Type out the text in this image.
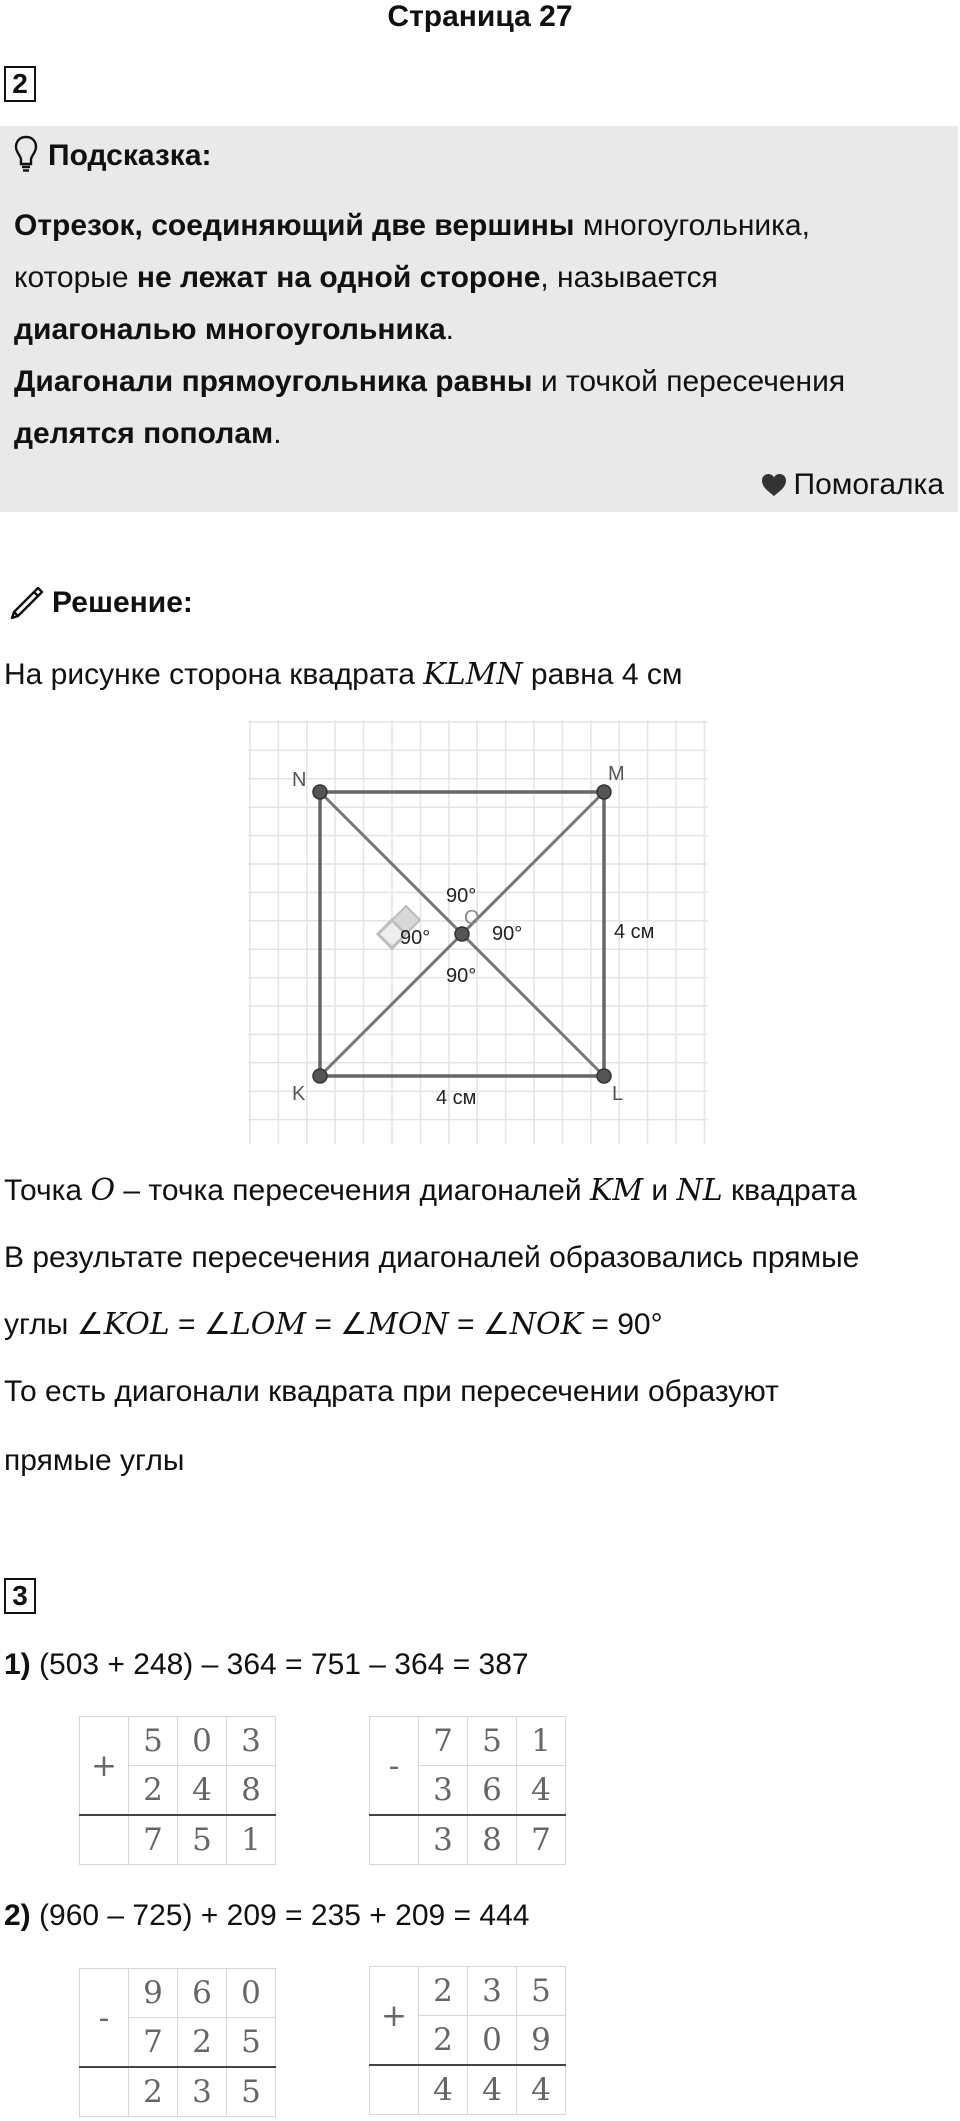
Страница 27
2
Подсказка:
Отрезок, соединяющий две вершины многоугольника,
которые не лежат на одной стороне, называется
диагональю многоугольника.
Диагонали прямоугольника равны и точкой пересечения
делятся пополам.
Помогалка
Решение:
На рисунке сторона квадрата KLMN равна 4 см
N	M
K	L
O
90°
90°	90°
90°
4 см
4 см
Точка O – точка пересечения диагоналей KM и NL квадрата
В результате пересечения диагоналей образовались прямые
углы ∠KOL = ∠LOM = ∠MON = ∠NOK = 90°
То есть диагонали квадрата при пересечении образуют
прямые углы
3
1) (503 + 248) – 364 = 751 – 364 = 387
+	5	0	3
	2	4	8
	7	5	1
-	7	5	1
	3	6	4
	3	8	7
2) (960 – 725) + 209 = 235 + 209 = 444
-	9	6	0
	7	2	5
	2	3	5
+	2	3	5
	2	0	9
	4	4	4
